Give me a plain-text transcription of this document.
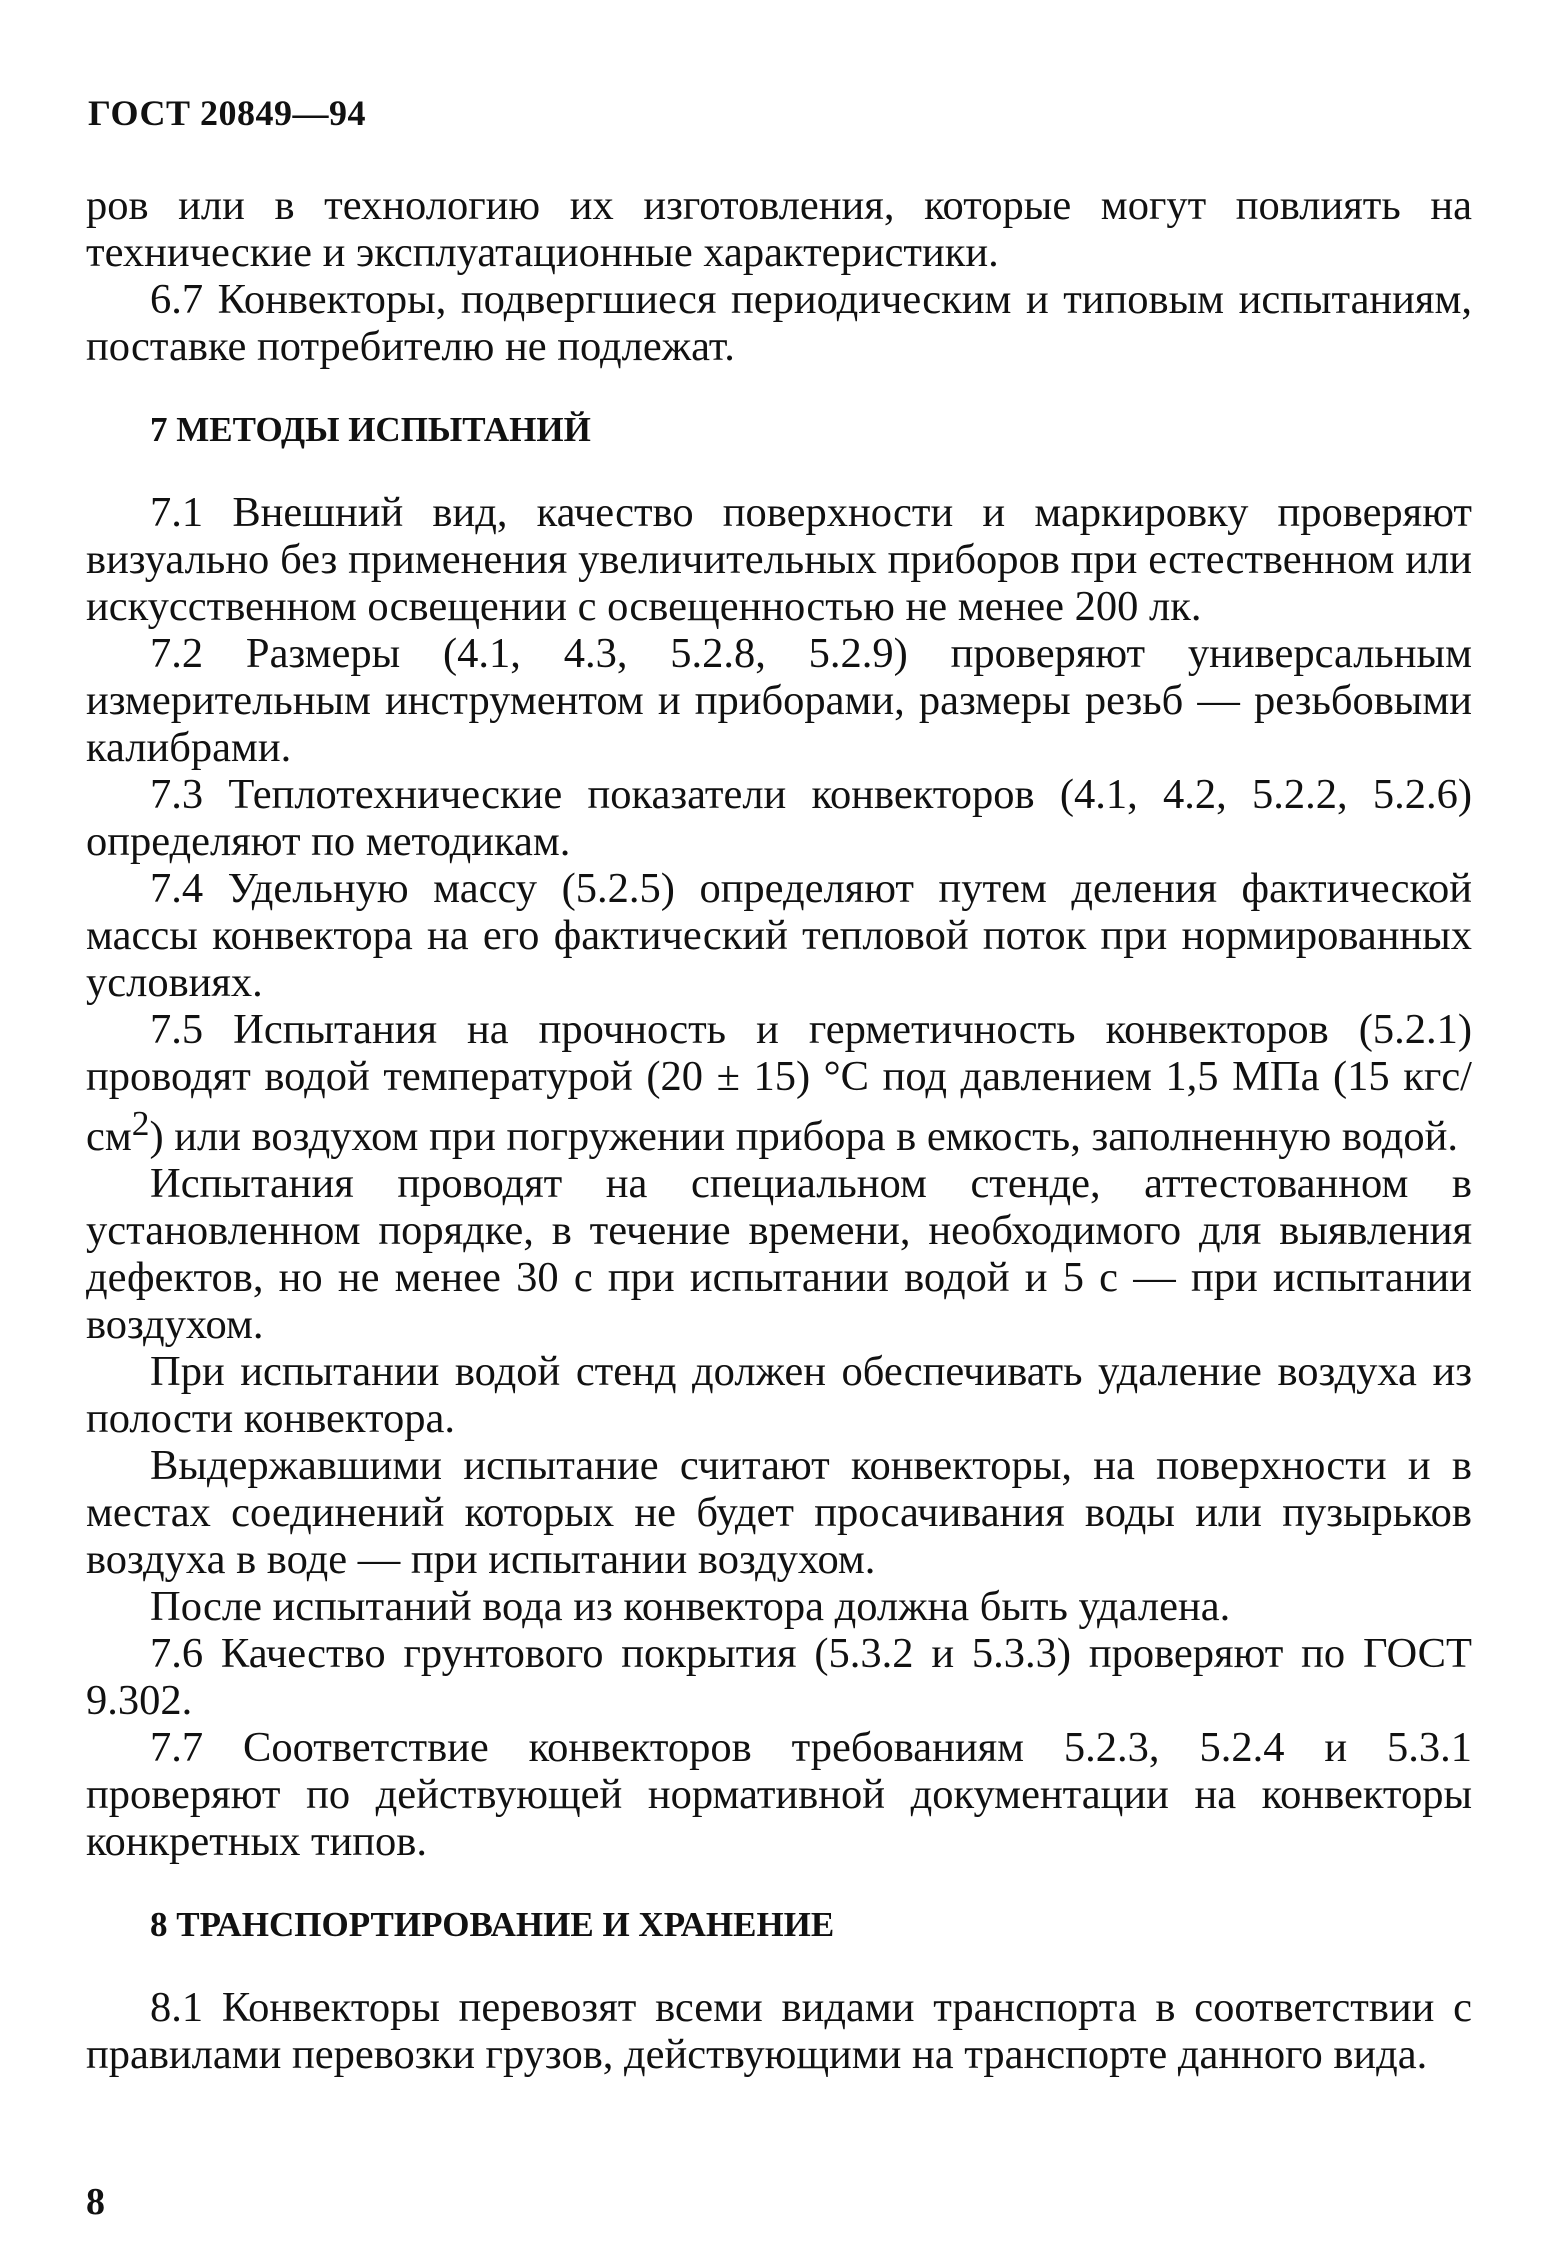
ГОСТ 20849—94

ров или в технологию их изготовления, которые могут повлиять на технические и эксплуатационные характеристики.

6.7 Конвекторы, подвергшиеся периодическим и типовым испытаниям, поставке потребителю не подлежат.

7 МЕТОДЫ ИСПЫТАНИЙ

7.1 Внешний вид, качество поверхности и маркировку проверяют визуально без применения увеличительных приборов при естественном или искусственном освещении с освещенностью не менее 200 лк.

7.2 Размеры (4.1, 4.3, 5.2.8, 5.2.9) проверяют универсальным измерительным инструментом и приборами, размеры резьб — резьбовыми калибрами.

7.3 Теплотехнические показатели конвекторов (4.1, 4.2, 5.2.2, 5.2.6) определяют по методикам.

7.4 Удельную массу (5.2.5) определяют путем деления фактической массы конвектора на его фактический тепловой поток при нормированных условиях.

7.5 Испытания на прочность и герметичность конвекторов (5.2.1) проводят водой температурой (20 ± 15) °С под давлением 1,5 МПа (15 кгс/$см^2$) или воздухом при погружении прибора в емкость, заполненную водой.

Испытания проводят на специальном стенде, аттестованном в установленном порядке, в течение времени, необходимого для выявления дефектов, но не менее 30 с при испытании водой и 5 с — при испытании воздухом.

При испытании водой стенд должен обеспечивать удаление воздуха из полости конвектора.

Выдержавшими испытание считают конвекторы, на поверхности и в местах соединений которых не будет просачивания воды или пузырьков воздуха в воде — при испытании воздухом.

После испытаний вода из конвектора должна быть удалена.

7.6 Качество грунтового покрытия (5.3.2 и 5.3.3) проверяют по ГОСТ 9.302.

7.7 Соответствие конвекторов требованиям 5.2.3, 5.2.4 и 5.3.1 проверяют по действующей нормативной документации на конвекторы конкретных типов.

8 ТРАНСПОРТИРОВАНИЕ И ХРАНЕНИЕ

8.1 Конвекторы перевозят всеми видами транспорта в соответствии с правилами перевозки грузов, действующими на транспорте данного вида.

8
